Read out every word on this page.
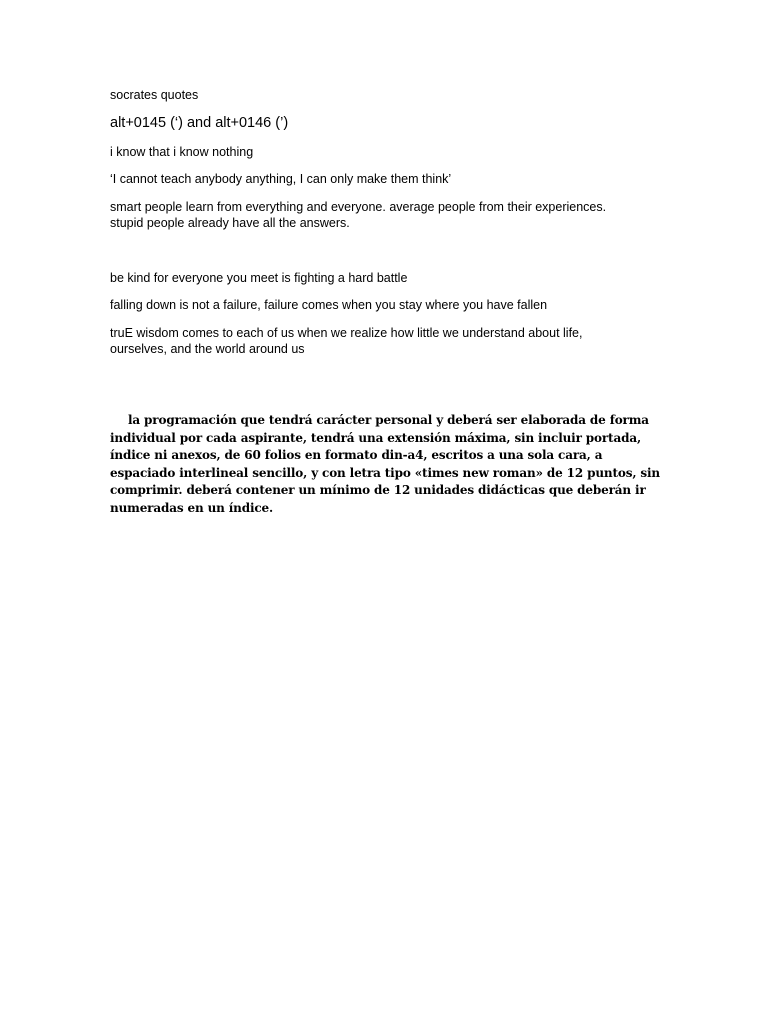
socrates quotes

alt+0145 (‘) and alt+0146 (’)

i know that i know nothing

‘I cannot teach anybody anything, I can only make them think’

smart people learn from everything and everyone. average people from their experiences.
stupid people already have all the answers.

be kind for everyone you meet is fighting a hard battle

falling down is not a failure, failure comes when you stay where you have fallen

truE wisdom comes to each of us when we realize how little we understand about life,
ourselves, and the world around us
la programación que tendrá carácter personal y deberá ser elaborada de forma
individual por cada aspirante, tendrá una extensión máxima, sin incluir portada,
índice ni anexos, de 60 folios en formato din-a4, escritos a una sola cara, a
espaciado interlineal sencillo, y con letra tipo «times new roman» de 12 puntos, sin
comprimir. deberá contener un mínimo de 12 unidades didácticas que deberán ir
numeradas en un índice.
